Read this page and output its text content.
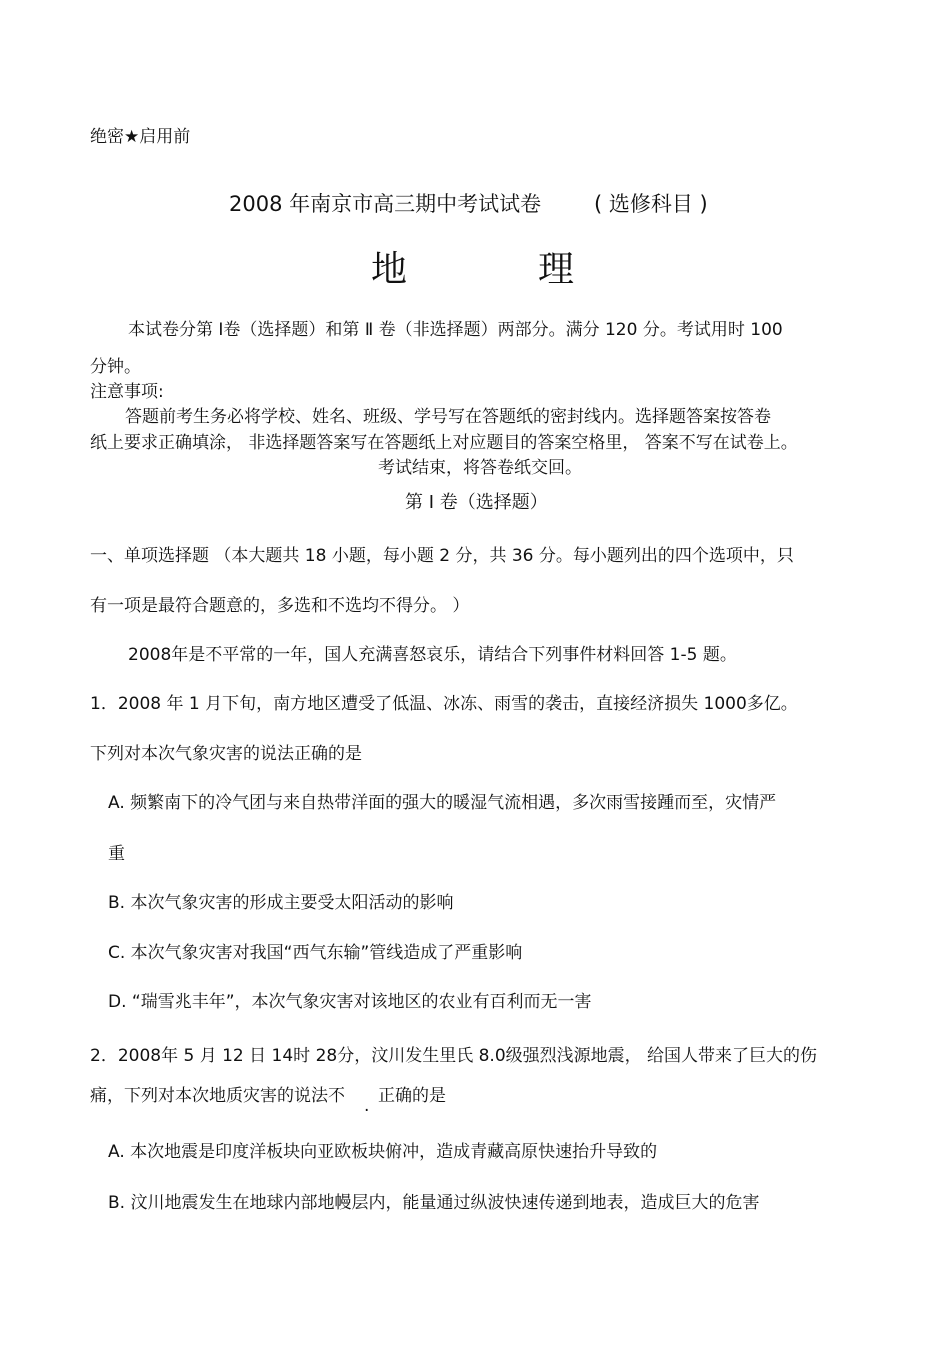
绝密★启用前
2008 年南京市高三期中考试试卷	( 选修科目 )
地	理
本试卷分第 Ⅰ卷（选择题）和第 Ⅱ 卷（非选择题）两部分。满分 120 分。考试用时 100
分钟。
注意事项:
答题前考生务必将学校、姓名、班级、学号写在答题纸的密封线内。选择题答案按答卷
纸上要求正确填涂， 非选择题答案写在答题纸上对应题目的答案空格里， 答案不写在试卷上。
考试结束，将答卷纸交回。
第 Ⅰ 卷（选择题）
一、单项选择题 （本大题共 18 小题，每小题 2 分，共 36 分。每小题列出的四个选项中，只
有一项是最符合题意的，多选和不选均不得分。 ）
2008年是不平常的一年，国人充满喜怒哀乐，请结合下列事件材料回答 1-5 题。
1．2008 年 1 月下旬，南方地区遭受了低温、冰冻、雨雪的袭击，直接经济损失 1000多亿。
下列对本次气象灾害的说法正确的是
A. 频繁南下的冷气团与来自热带洋面的强大的暖湿气流相遇，多次雨雪接踵而至，灾情严
重
B. 本次气象灾害的形成主要受太阳活动的影响
C. 本次气象灾害对我国“西气东输”管线造成了严重影响
D. “瑞雪兆丰年”，本次气象灾害对该地区的农业有百利而无一害
2．2008年 5 月 12 日 14时 28分，汶川发生里氏 8.0级强烈浅源地震， 给国人带来了巨大的伤
痛，下列对本次地质灾害的说法不 . 正确的是
A. 本次地震是印度洋板块向亚欧板块俯冲，造成青藏高原快速抬升导致的
B. 汶川地震发生在地球内部地幔层内，能量通过纵波快速传递到地表，造成巨大的危害
